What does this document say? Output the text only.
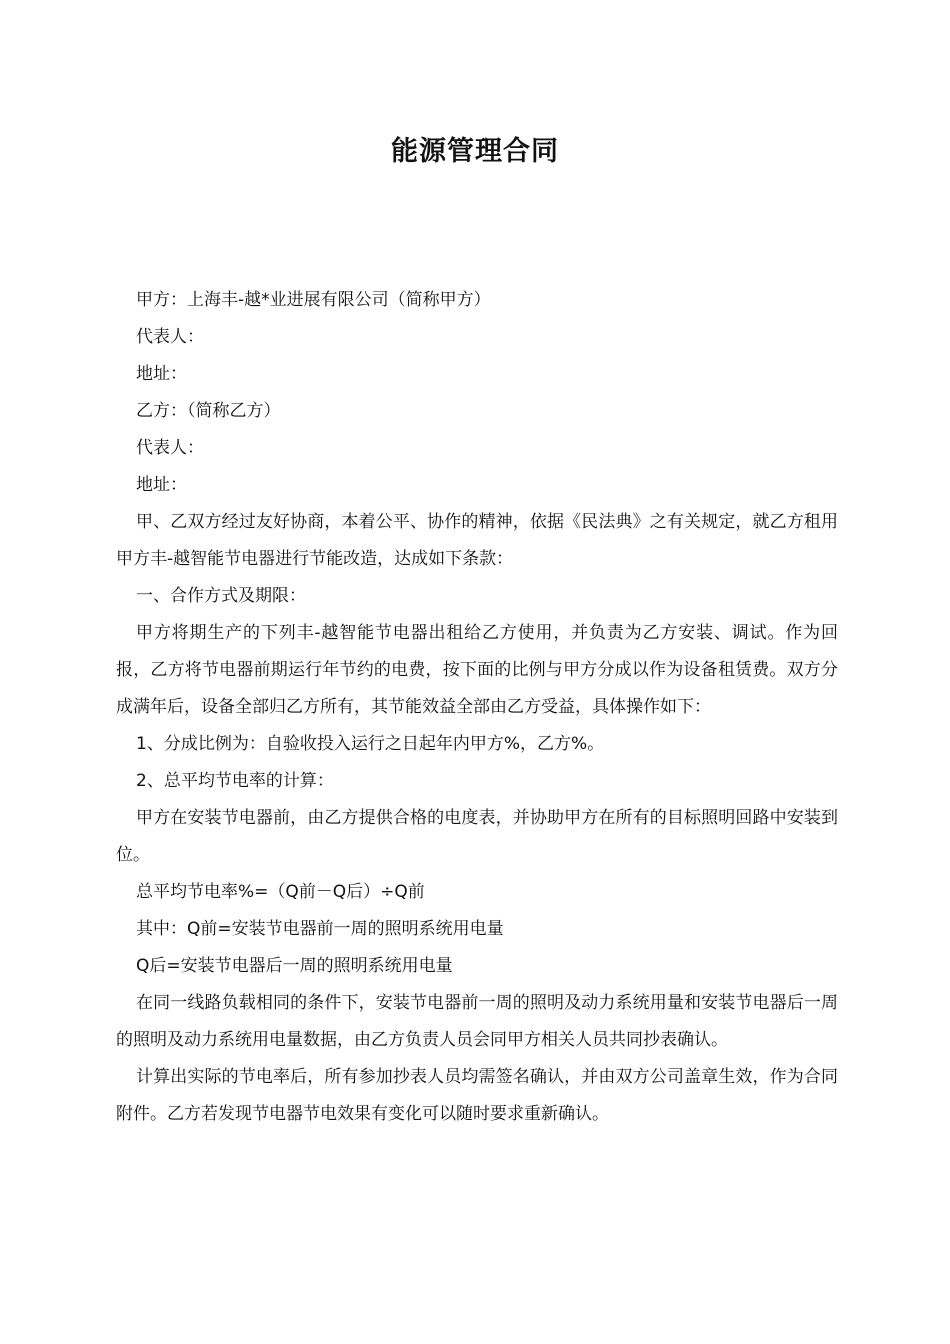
能源管理合同

甲方：上海丰-越*业进展有限公司（简称甲方）

代表人：

地址：

乙方：（简称乙方）

代表人：

地址：

甲、乙双方经过友好协商，本着公平、协作的精神，依据《民法典》之有关规定，就乙方租用甲方丰-越智能节电器进行节能改造，达成如下条款：

一、合作方式及期限：

甲方将期生产的下列丰-越智能节电器出租给乙方使用，并负责为乙方安装、调试。作为回报，乙方将节电器前期运行年节约的电费，按下面的比例与甲方分成以作为设备租赁费。双方分成满年后，设备全部归乙方所有，其节能效益全部由乙方受益，具体操作如下：

1、分成比例为：自验收投入运行之日起年内甲方%，乙方%。

2、总平均节电率的计算：

甲方在安装节电器前，由乙方提供合格的电度表，并协助甲方在所有的目标照明回路中安装到位。

总平均节电率%=（Q前－Q后）÷Q前

其中：Q前=安装节电器前一周的照明系统用电量

Q后=安装节电器后一周的照明系统用电量

在同一线路负载相同的条件下，安装节电器前一周的照明及动力系统用量和安装节电器后一周的照明及动力系统用电量数据，由乙方负责人员会同甲方相关人员共同抄表确认。

计算出实际的节电率后，所有参加抄表人员均需签名确认，并由双方公司盖章生效，作为合同附件。乙方若发现节电器节电效果有变化可以随时要求重新确认。
